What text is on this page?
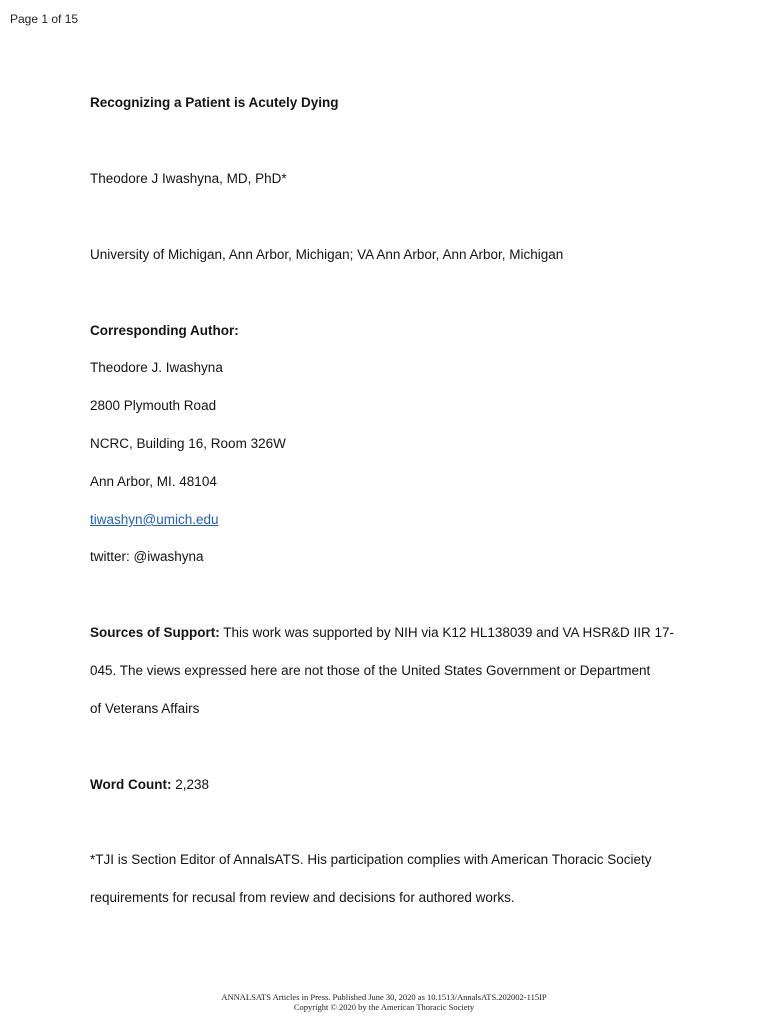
Page 1 of 15
Recognizing a Patient is Acutely Dying
Theodore J Iwashyna, MD, PhD*
University of Michigan, Ann Arbor, Michigan; VA Ann Arbor, Ann Arbor, Michigan
Corresponding Author:
Theodore J. Iwashyna
2800 Plymouth Road
NCRC, Building 16, Room 326W
Ann Arbor, MI. 48104
tiwashyn@umich.edu
twitter: @iwashyna
Sources of Support: This work was supported by NIH via K12 HL138039 and VA HSR&D IIR 17-
045. The views expressed here are not those of the United States Government or Department
of Veterans Affairs
Word Count: 2,238
*TJI is Section Editor of AnnalsATS. His participation complies with American Thoracic Society
requirements for recusal from review and decisions for authored works.
ANNALSATS Articles in Press. Published June 30, 2020 as 10.1513/AnnalsATS.202002-115IP
Copyright © 2020 by the American Thoracic Society
